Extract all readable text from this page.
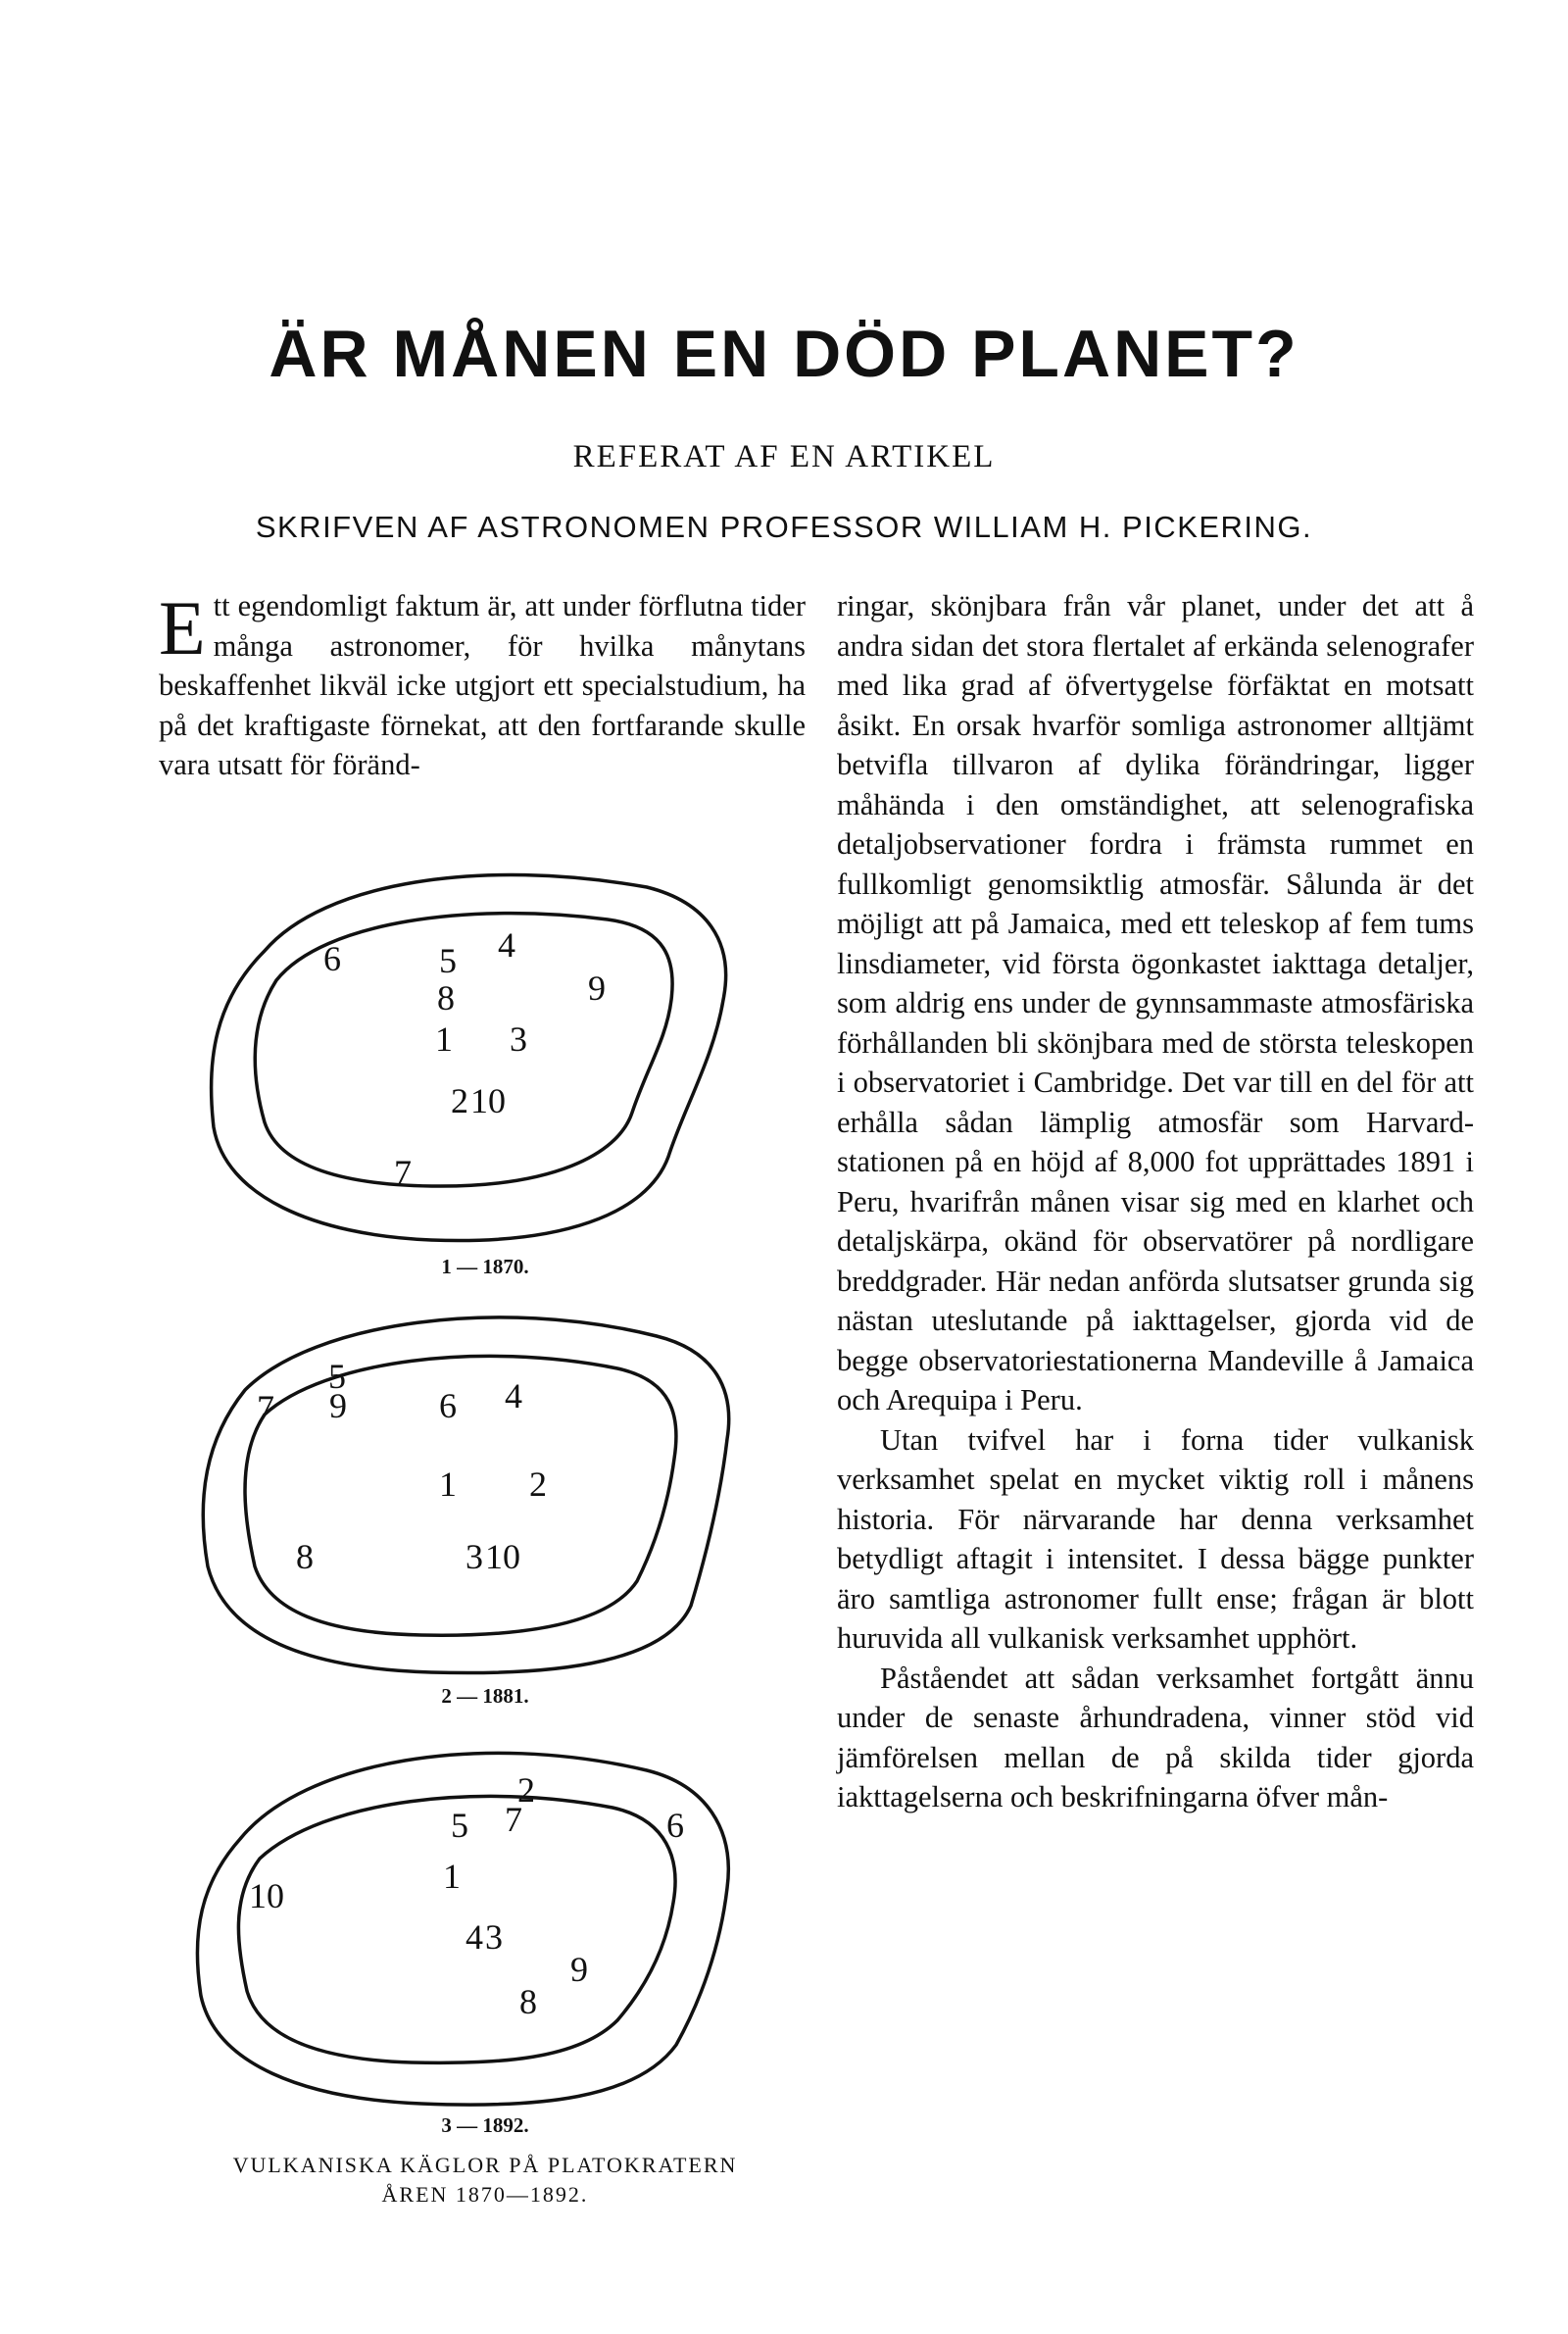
ÄR MÅNEN EN DÖD PLANET?
REFERAT AF EN ARTIKEL
SKRIFVEN AF ASTRONOMEN PROFESSOR WILLIAM H. PICKERING.
Ett egendomligt faktum är, att under förflutna tider många astronomer, för hvilka månytans beskaffenhet likväl icke utgjort ett specialstudium, ha på det kraftigaste förnekat, att den fortfarande skulle vara utsatt för föränd-
6	5 4
8	9
1 3
2 10
7
1 — 1870.
5
9
7	6 4
1 2
8	3 10
2 — 1881.
2
5 7	6
1
10
4 3
9
8
3 — 1892.
VULKANISKA KÄGLOR PÅ PLATOKRATERN
ÅREN 1870—1892.

ringar, skönjbara från vår planet, under det att å andra sidan det stora flertalet af erkända selenografer med lika grad af öfvertygelse förfäktat en motsatt åsikt. En orsak hvarför somliga astronomer alltjämt betvifla tillvaron af dylika förändringar, ligger måhända i den omständighet, att selenografiska detaljobservationer fordra i främsta rummet en fullkomligt genomsiktlig atmosfär. Sålunda är det möjligt att på Jamaica, med ett teleskop af fem tums linsdiameter, vid första ögonkastet iakttaga detaljer, som aldrig ens under de gynnsammaste atmosfäriska förhållanden bli skönjbara med de största teleskopen i observatoriet i Cambridge. Det var till en del för att erhålla sådan lämplig atmosfär som Harvard-stationen på en höjd af 8,000 fot upprättades 1891 i Peru, hvarifrån månen visar sig med en klarhet och detaljskärpa, okänd för observatörer på nordligare breddgrader. Här nedan anförda slutsatser grunda sig nästan uteslutande på iakttagelser, gjorda vid de begge observatoriestationerna Mandeville å Jamaica och Arequipa i Peru.

Utan tvifvel har i forna tider vulkanisk verksamhet spelat en mycket viktig roll i månens historia. För närvarande har denna verksamhet betydligt aftagit i intensitet. I dessa bägge punkter äro samtliga astronomer fullt ense; frågan är blott huruvida all vulkanisk verksamhet upphört.

Påståendet att sådan verksamhet fortgått ännu under de senaste århundradena, vinner stöd vid jämförelsen mellan de på skilda tider gjorda iakttagelserna och beskrifningarna öfver mån-
